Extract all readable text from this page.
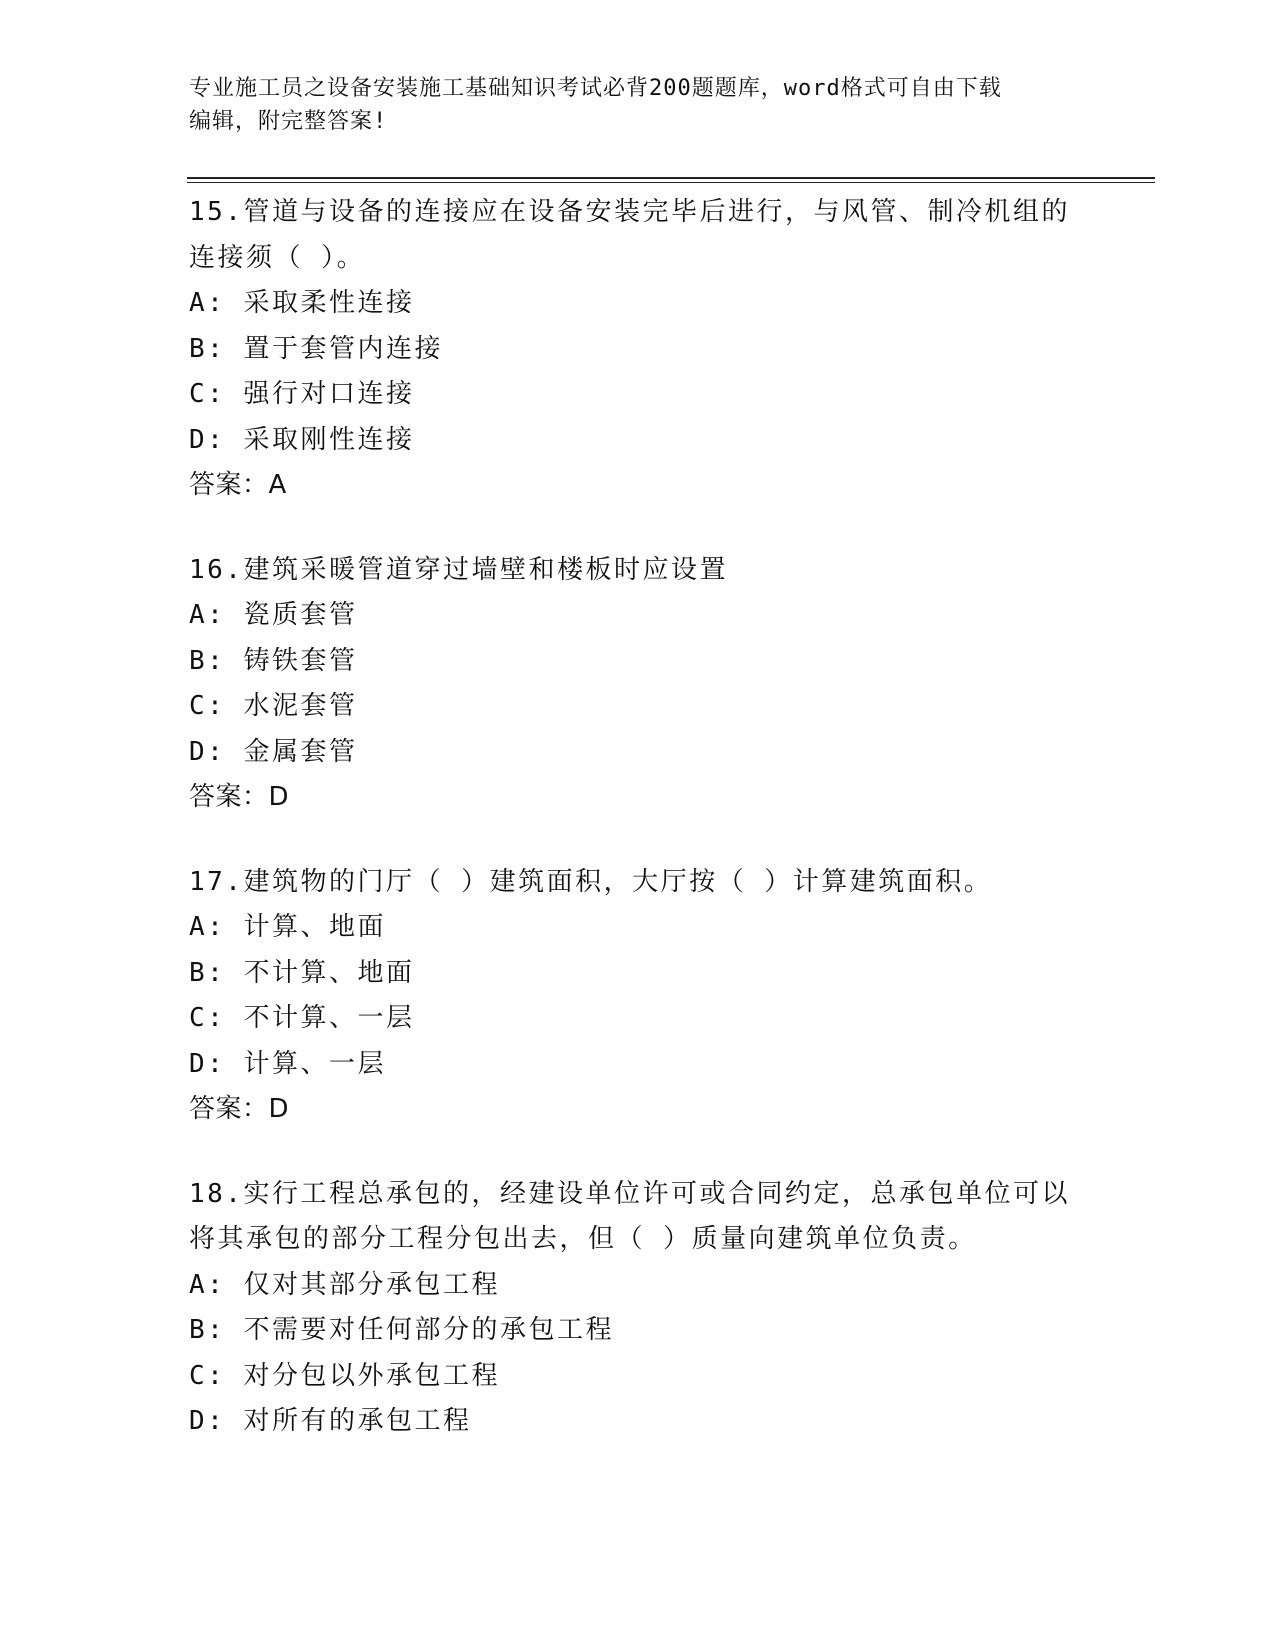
专业施工员之设备安装施工基础知识考试必背200题题库，word格式可自由下载
编辑，附完整答案!
15.管道与设备的连接应在设备安装完毕后进行，与风管、制冷机组的
连接须（ ）。
A: 采取柔性连接
B: 置于套管内连接
C: 强行对口连接
D: 采取刚性连接
答案：A
16.建筑采暖管道穿过墙壁和楼板时应设置
A: 瓷质套管
B: 铸铁套管
C: 水泥套管
D: 金属套管
答案：D
17.建筑物的门厅（ ）建筑面积，大厅按（ ）计算建筑面积。
A: 计算、地面
B: 不计算、地面
C: 不计算、一层
D: 计算、一层
答案：D
18.实行工程总承包的，经建设单位许可或合同约定，总承包单位可以
将其承包的部分工程分包出去，但（ ）质量向建筑单位负责。
A: 仅对其部分承包工程
B: 不需要对任何部分的承包工程
C: 对分包以外承包工程
D: 对所有的承包工程
